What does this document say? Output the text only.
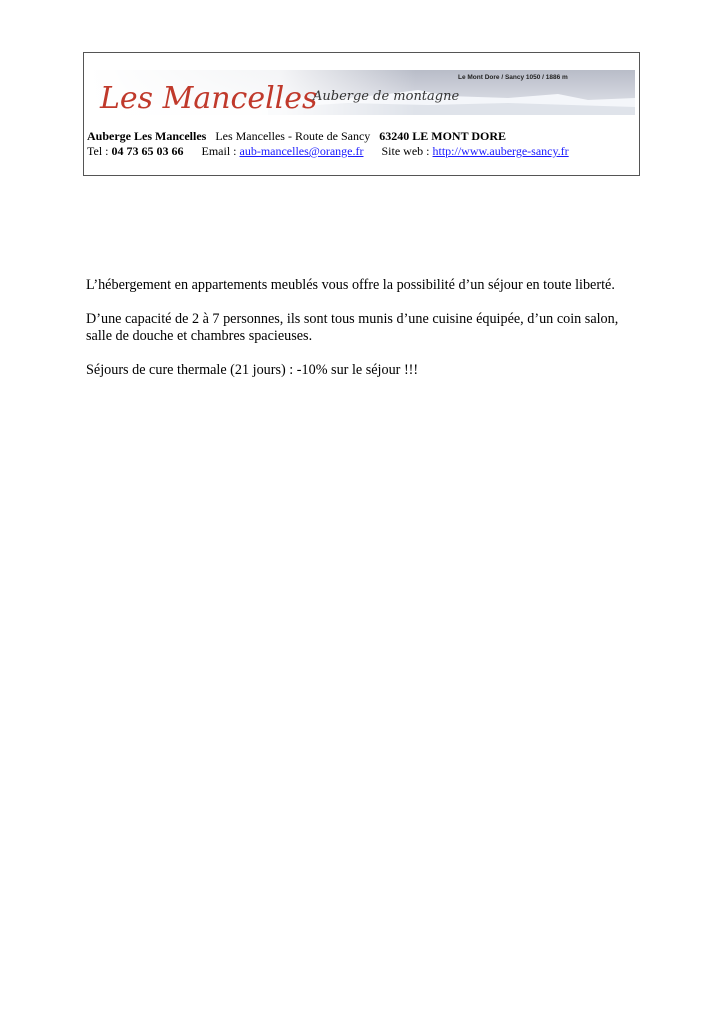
Les Mancelles
Auberge de montagne
Le Mont Dore / Sancy 1050 / 1886 m
Auberge Les Mancelles Les Mancelles - Route de Sancy 63240 LE MONT DORE
Tel : 04 73 65 03 66 Email : aub-mancelles@orange.fr Site web : http://www.auberge-sancy.fr

L’hébergement en appartements meublés vous offre la possibilité d’un séjour en toute liberté.

D’une capacité de 2 à 7 personnes, ils sont tous munis d’une cuisine équipée, d’un coin salon, salle de douche et chambres spacieuses.

Séjours de cure thermale (21 jours) : -10% sur le séjour !!!
